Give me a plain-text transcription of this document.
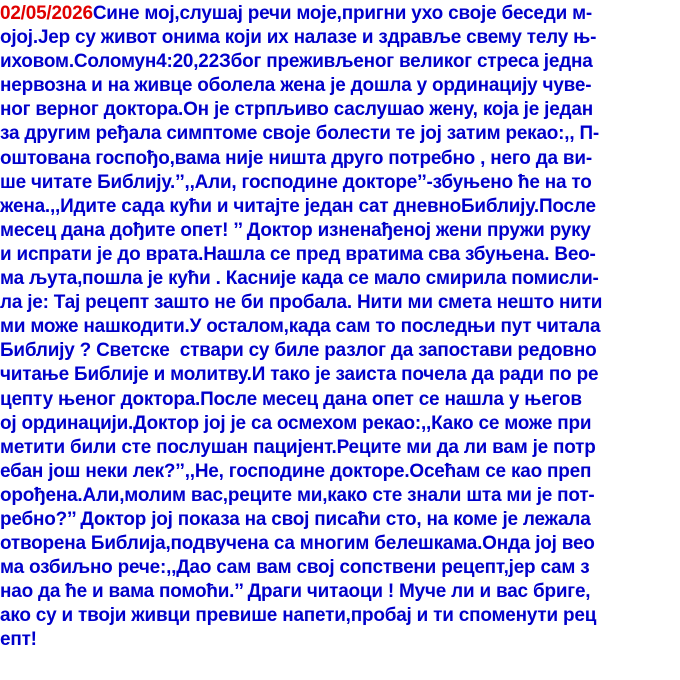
02/05/2026Сине мој,слушај речи моје,пригни ухо своје беседи м-
ојој.Јер су живот онима који их налазе и здравље свему телу њ-
иховом.Соломун4:20,22Због преживљеног великог стреса једна
нервозна и на живце оболела жена је дошла у ординацију чуве-
ног верног доктора.Он је стрпљиво саслушао жену, која је један
за другим ређала симптоме своје болести те јој затим рекао:,, П-
оштована госпођо,вама није ништа друго потребно , него да ви-
ше читате Библију.’’,,Али, господине докторе’’-збуњено ће на то
жена.,,Идите сада кући и читајте један сат дневноБиблију.После
месец дана дођите опет! ’’ Доктор изненађеној жени пружи руку
и испрати је до врата.Нашла се пред вратима сва збуњена. Вео-
ма љута,пошла је кући . Касније када се мало смирила помисли-
ла је: Тај рецепт зашто не би пробала. Нити ми смета нешто нити
ми може нашкодити.У осталом,када сам то последњи пут читала
Библију ? Светске  ствари су биле разлог да запостави редовно
читање Библије и молитву.И тако је заиста почела да ради по ре
цепту њеног доктора.После месец дана опет се нашла у његов
ој ординацији.Доктор јој је са осмехом рекао:,,Како се може при
метити били сте послушан пацијент.Реците ми да ли вам је потр
ебан још неки лек?’’,,Не, господине докторе.Осећам се као преп
орођена.Али,молим вас,реците ми,како сте знали шта ми је пот-
ребно?’’ Доктор јој показа на свој писаћи сто, на коме је лежала
отворена Библија,подвучена са многим белешкама.Онда јој вео
ма озбиљно рече:,,Дао сам вам свој сопствени рецепт,јер сам з
нао да ће и вама помоћи.’’ Драги читаоци ! Муче ли и вас бриге,
ако су и твоји живци превише напети,пробај и ти споменути рец
епт!
